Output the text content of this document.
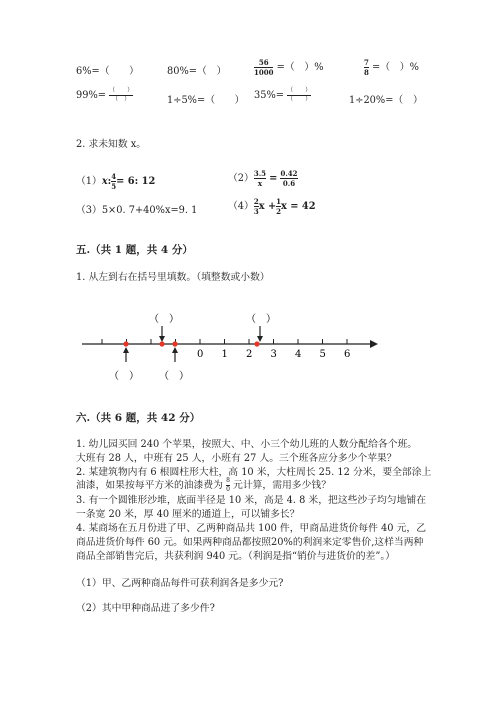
6%=（　　）	80%=（　）	$\frac{56}{1000}$ =（　）%	$\frac{7}{8}$ =（　）%
$99\%= \frac{( )}{( )}$	1÷5%=（　　） $35\%= \frac{( )}{( )}$	1÷20%=（　）
2. 求未知数 x。
（1）x: $\frac{4}{5} = 6$: 12	$(2) \frac{3.5}{x} = \frac{0.42}{0.6}$
（3）5×0. 7+40%x=9. 1	$(4) \frac{2}{3}$ $x + \frac{1}{2}$ x = 42
五.（共 1 题，共 4 分）
1. 从左到右在括号里填数。（填整数或小数）
0 1 2 3 4 5 6
（　）	（　）
（　） （　）
六.（共 6 题，共 42 分）
1. 幼儿园买回 240 个苹果，按照大、中、小三个幼儿班的人数分配给各个班。
大班有 28 人，中班有 25 人，小班有 27 人。三个班各应分多少个苹果？
2. 某建筑物内有 6 根圆柱形大柱，高 10 米，大柱周长 25. 12 分米，要全部涂上
油漆，如果按每平方米的油漆费为 $\frac{8}{0}$ 元计算，需用多少钱？
3. 有一个圆锥形沙堆，底面半径是 10 米，高是 4. 8 米，把这些沙子均匀地铺在
一条宽 20 米，厚 40 厘米的通道上，可以铺多长？
4. 某商场在五月份进了甲、乙两种商品共 100 件，甲商品进货价每件 40 元，乙
商品进货价每件 60 元。如果两种商品都按照20%的利润来定零售价,这样当两种
商品全部销售完后，共获利润 940 元。（利润是指“销价与进货价的差”。）
（1）甲、乙两种商品每件可获利润各是多少元?
（2）其中甲种商品进了多少件?
